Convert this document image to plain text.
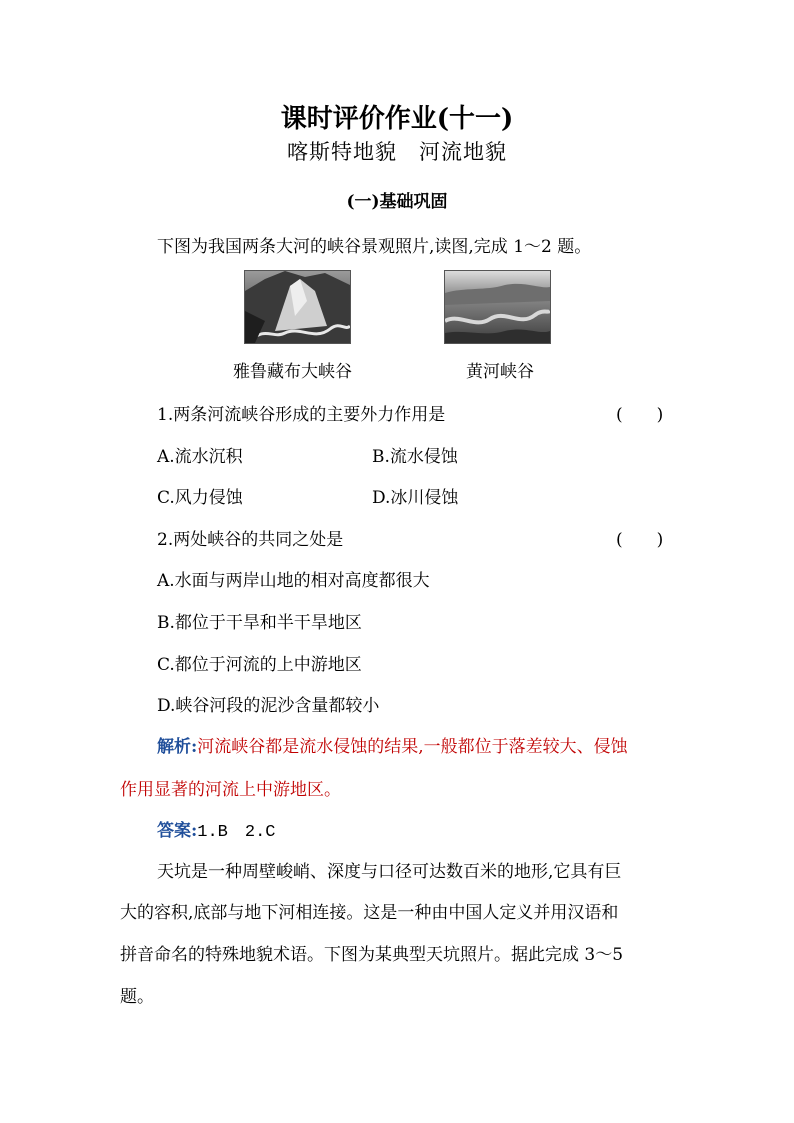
课时评价作业(十一)
喀斯特地貌　河流地貌
(一)基础巩固
下图为我国两条大河的峡谷景观照片,读图,完成 1～2 题。
雅鲁藏布大峡谷	黄河峡谷
1.两条河流峡谷形成的主要外力作用是	(　　)
A.流水沉积	B.流水侵蚀
C.风力侵蚀	D.冰川侵蚀
2.两处峡谷的共同之处是	(　　)
A.水面与两岸山地的相对高度都很大
B.都位于干旱和半干旱地区
C.都位于河流的上中游地区
D.峡谷河段的泥沙含量都较小
解析:河流峡谷都是流水侵蚀的结果,一般都位于落差较大、侵蚀
作用显著的河流上中游地区。
答案:1.B　2.C
天坑是一种周壁峻峭、深度与口径可达数百米的地形,它具有巨
大的容积,底部与地下河相连接。这是一种由中国人定义并用汉语和
拼音命名的特殊地貌术语。下图为某典型天坑照片。据此完成 3～5
题。
